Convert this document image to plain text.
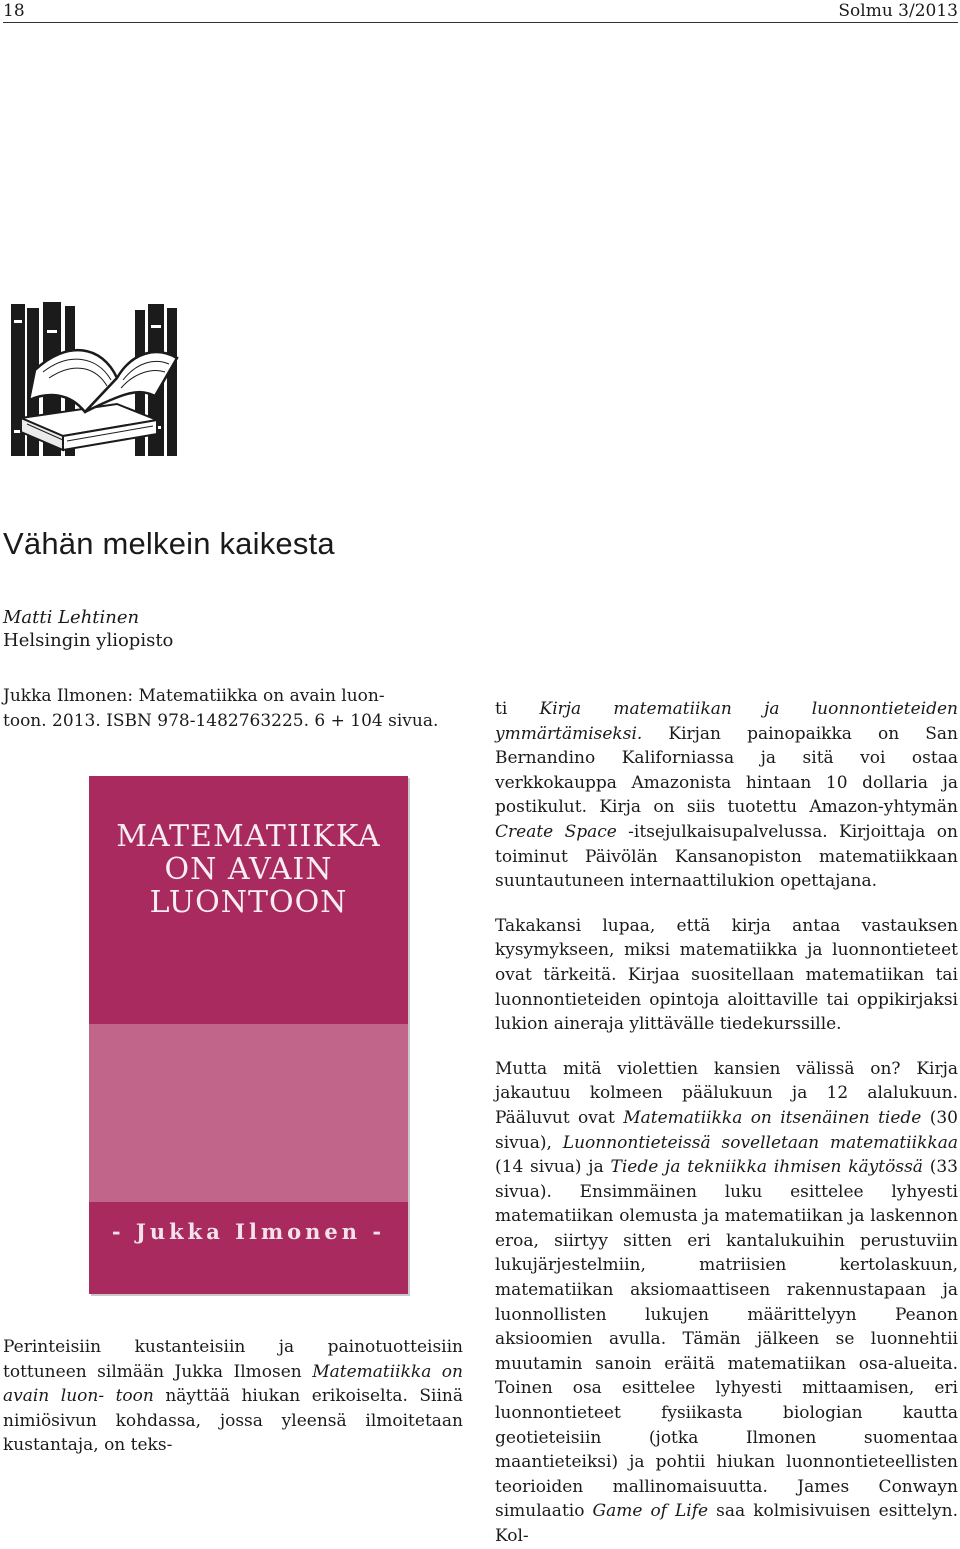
18	Solmu 3/2013
Vähän melkein kaikesta
Matti Lehtinen
Helsingin yliopisto
Jukka Ilmonen: Matematiikka on avain luon-
toon. 2013. ISBN 978-1482763225. 6 + 104 sivua.
MATEMATIIKKA
ON AVAIN
LUONTOON
- Jukka Ilmonen -

Perinteisiin kustanteisiin ja painotuotteisiin tottuneen silmään Jukka Ilmosen Matematiikka on avain luon- toon näyttää hiukan erikoiselta. Siinä nimiösivun kohdassa, jossa yleensä ilmoitetaan kustantaja, on teks-

ti Kirja matematiikan ja luonnontieteiden ymmärtämiseksi. Kirjan painopaikka on San Bernandino Kaliforniassa ja sitä voi ostaa verkkokauppa Amazonista hintaan 10 dollaria ja postikulut. Kirja on siis tuotettu Amazon-yhtymän Create Space -itsejulkaisupalvelussa. Kirjoittaja on toiminut Päivölän Kansanopiston matematiikkaan suuntautuneen internaattilukion opettajana.

Takakansi lupaa, että kirja antaa vastauksen kysymykseen, miksi matematiikka ja luonnontieteet ovat tärkeitä. Kirjaa suositellaan matematiikan tai luonnontieteiden opintoja aloittaville tai oppikirjaksi lukion aineraja ylittävälle tiedekurssille.

Mutta mitä violettien kansien välissä on? Kirja jakautuu kolmeen päälukuun ja 12 alalukuun. Pääluvut ovat Matematiikka on itsenäinen tiede (30 sivua), Luonnontieteissä sovelletaan matematiikkaa (14 sivua) ja Tiede ja tekniikka ihmisen käytössä (33 sivua). Ensimmäinen luku esittelee lyhyesti matematiikan olemusta ja matematiikan ja laskennon eroa, siirtyy sitten eri kantalukuihin perustuviin lukujärjestelmiin, matriisien kertolaskuun, matematiikan aksiomaattiseen rakennustapaan ja luonnollisten lukujen määrittelyyn Peanon aksioomien avulla. Tämän jälkeen se luonnehtii muutamin sanoin eräitä matematiikan osa-alueita. Toinen osa esittelee lyhyesti mittaamisen, eri luonnontieteet fysiikasta biologian kautta geotieteisiin (jotka Ilmonen suomentaa maantieteiksi) ja pohtii hiukan luonnontieteellisten teorioiden mallinomaisuutta. James Conwayn simulaatio Game of Life saa kolmisivuisen esittelyn. Kol-
